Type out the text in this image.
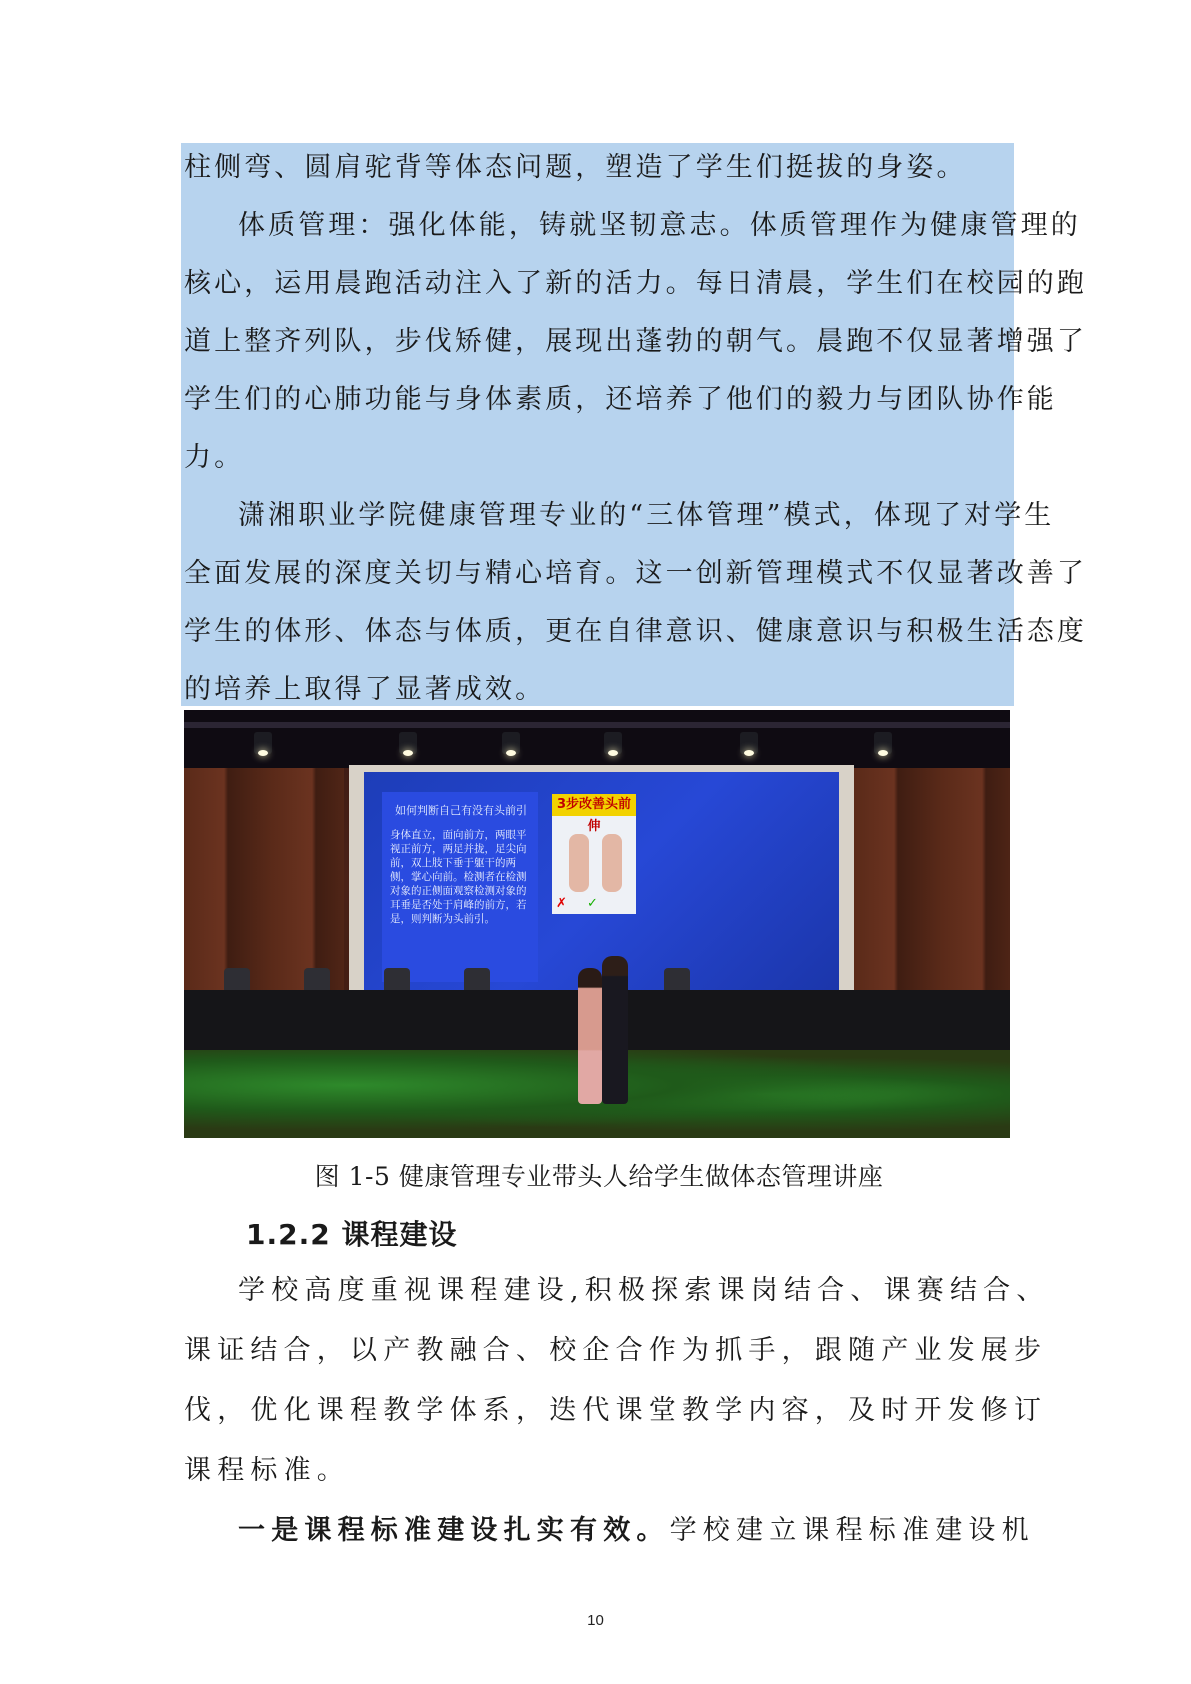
柱侧弯、圆肩驼背等体态问题，塑造了学生们挺拔的身姿。
体质管理：强化体能，铸就坚韧意志。体质管理作为健康管理的
核心，运用晨跑活动注入了新的活力。每日清晨，学生们在校园的跑
道上整齐列队，步伐矫健，展现出蓬勃的朝气。晨跑不仅显著增强了
学生们的心肺功能与身体素质，还培养了他们的毅力与团队协作能
力。
潇湘职业学院健康管理专业的“三体管理”模式，体现了对学生
全面发展的深度关切与精心培育。这一创新管理模式不仅显著改善了
学生的体形、体态与体质，更在自律意识、健康意识与积极生活态度
的培养上取得了显著成效。
如何判断自己有没有头前引
身体直立，面向前方，两眼平视正前方，两足并拢，足尖向前，双上肢下垂于躯干的两侧，掌心向前。检测者在检测对象的正侧面观察检测对象的耳垂是否处于肩峰的前方，若是，则判断为头前引。
3步改善头前伸
✗ ✓
图 1-5 健康管理专业带头人给学生做体态管理讲座
1.2.2 课程建设
学校高度重视课程建设,积极探索课岗结合、课赛结合、
课证结合，以产教融合、校企合作为抓手，跟随产业发展步
伐，优化课程教学体系，迭代课堂教学内容，及时开发修订
课程标准。
一是课程标准建设扎实有效。学校建立课程标准建设机
10
